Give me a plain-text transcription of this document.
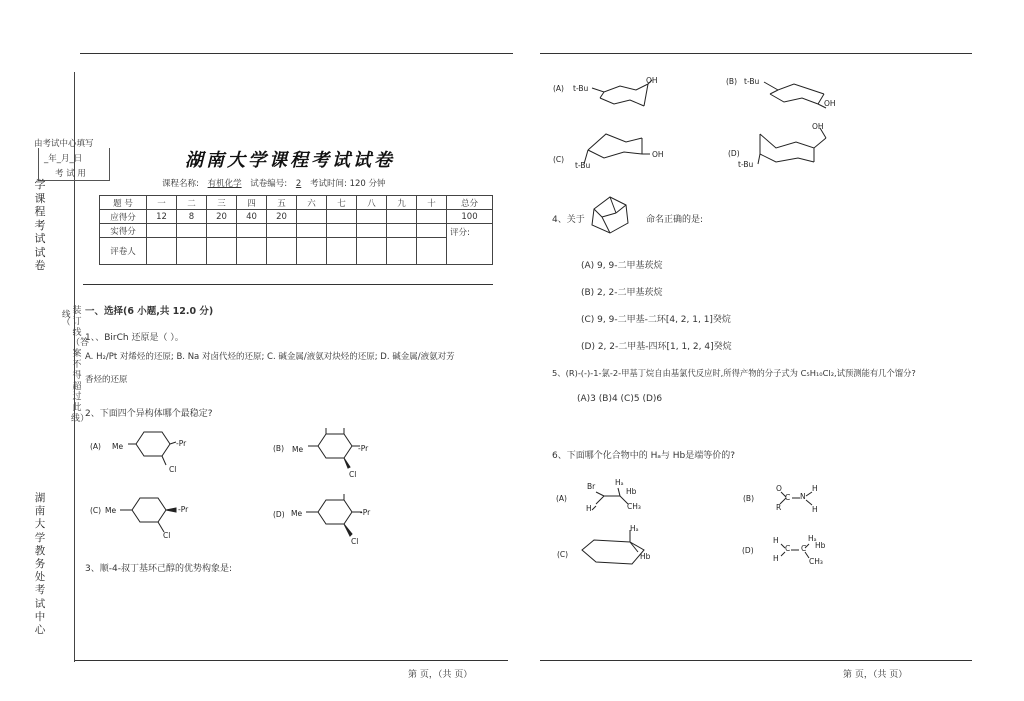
由考试中心填写
_年_月_日
考 试 用
学课程考试试卷
湖南大学教务处考试中心
线
（
装订线（答案不得超过此线）
湖南大学课程考试试卷
课程名称: 有机化学 试卷编号: 2 考试时间: 120 分钟
题 号	一	二	三	四	五	六	七	八	九	十	总分
应得分	12	8	20	40	20						100
实得分											评分:
评卷人											
一、选择(6 小题,共 12.0 分)
1、、BirCh 还原是（ ）。
A. H₂/Pt 对烯烃的还原; B. Na 对卤代烃的还原; C. 碱金属/液氨对炔烃的还原; D. 碱金属/液氨对芳
香烃的还原
2、下面四个异构体哪个最稳定?
(A) Me	-Pr
Cl
(B) Me	-Pr
Cl
(C) Me	-Pr
Cl
(D) Me	-Pr
Cl
3、顺-4-叔丁基环己醇的优势构象是:
(A) t-Bu
OH	(B) t-Bu
OH
(C)
t-Bu
OH	(D)
OH
t-Bu
4、关于	命名正确的是:
(A) 9, 9-二甲基莰烷
(B) 2, 2-二甲基莰烷
(C) 9, 9-二甲基-二环[4, 2, 1, 1]癸烷
(D) 2, 2-二甲基-四环[1, 1, 2, 4]癸烷
5、(R)-(-)-1-氯-2-甲基丁烷自由基氯代反应时,所得产物的分子式为 C₅H₁₀Cl₂,试预测能有几个馏分?
(A)3 (B)4 (C)5 (D)6
6、下面哪个化合物中的 Hₐ与 Hb是端等价的?
(A)
Br
H
Hₐ
Hb
CH₃
(B)
O
R
C N
H
H
(C)
Hₐ
Hb
(D)
H
H
C C
Hₐ
Hb
CH₃
第 页，（共 页）	第 页，（共 页）
